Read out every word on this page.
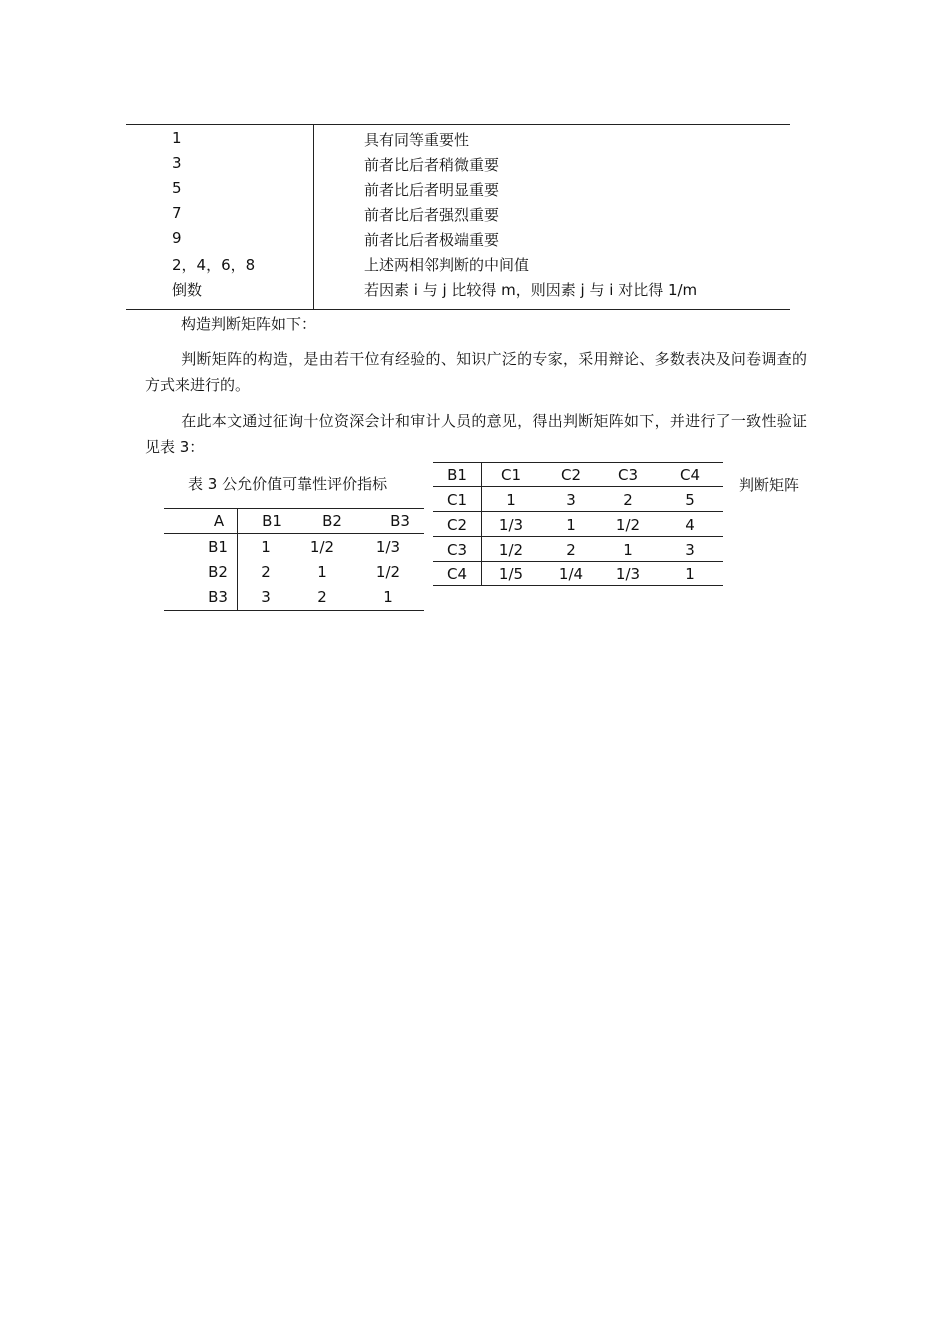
1	具有同等重要性
3	前者比后者稍微重要
5	前者比后者明显重要
7	前者比后者强烈重要
9	前者比后者极端重要
2，4，6，8	上述两相邻判断的中间值
倒数	若因素 i 与 j 比较得 m，则因素 j 与 i 对比得 1/m
构造判断矩阵如下：
判断矩阵的构造，是由若干位有经验的、知识广泛的专家，采用辩论、多数表决及问卷调查的方式来进行的。
在此本文通过征询十位资深会计和审计人员的意见，得出判断矩阵如下，并进行了一致性验证见表 3：
表 3 公允价值可靠性评价指标
A	B1	B2	B3
B1	1	1/2	1/3
B2	2	1	1/2
B3	3	2	1
B1	C1	C2	C3	C4
C1	1	3	2	5
C2	1/3	1	1/2	4
C3	1/2	2	1	3
C4	1/5	1/4	1/3	1
判断矩阵
